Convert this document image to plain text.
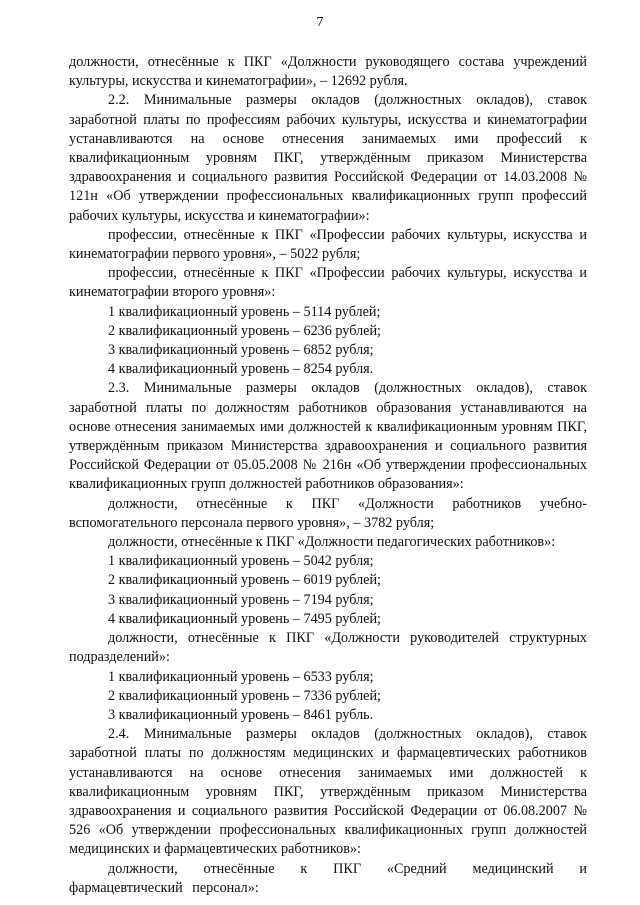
7

должности, отнесённые к ПКГ «Должности руководящего состава учреждений культуры, искусства и кинематографии», – 12692 рубля.

2.2. Минимальные размеры окладов (должностных окладов), ставок заработной платы по профессиям рабочих культуры, искусства и кинематографии устанавливаются на основе отнесения занимаемых ими профессий к квалификационным уровням ПКГ, утверждённым приказом Министерства здравоохранения и социального развития Российской Федерации от 14.03.2008 № 121н «Об утверждении профессиональных квалификационных групп профессий рабочих культуры, искусства и кинематографии»:

профессии, отнесённые к ПКГ «Профессии рабочих культуры, искусства и кинематографии первого уровня», – 5022 рубля;

профессии, отнесённые к ПКГ «Профессии рабочих культуры, искусства и кинематографии второго уровня»:

1 квалификационный уровень – 5114 рублей;

2 квалификационный уровень – 6236 рублей;

3 квалификационный уровень – 6852 рубля;

4 квалификационный уровень – 8254 рубля.

2.3. Минимальные размеры окладов (должностных окладов), ставок заработной платы по должностям работников образования устанавливаются на основе отнесения занимаемых ими должностей к квалификационным уровням ПКГ, утверждённым приказом Министерства здравоохранения и социального развития Российской Федерации от 05.05.2008 № 216н «Об утверждении профессиональных квалификационных групп должностей работников образования»:

должности, отнесённые к ПКГ «Должности работников учебно-вспомогательного персонала первого уровня», – 3782 рубля;

должности, отнесённые к ПКГ «Должности педагогических работников»:

1 квалификационный уровень – 5042 рубля;

2 квалификационный уровень – 6019 рублей;

3 квалификационный уровень – 7194 рубля;

4 квалификационный уровень – 7495 рублей;

должности, отнесённые к ПКГ «Должности руководителей структурных подразделений»:

1 квалификационный уровень – 6533 рубля;

2 квалификационный уровень – 7336 рублей;

3 квалификационный уровень – 8461 рубль.

2.4. Минимальные размеры окладов (должностных окладов), ставок заработной платы по должностям медицинских и фармацевтических работников устанавливаются на основе отнесения занимаемых ими должностей к квалификационным уровням ПКГ, утверждённым приказом Министерства здравоохранения и социального развития Российской Федерации от 06.08.2007 № 526 «Об утверждении профессиональных квалификационных групп должностей медицинских и фармацевтических работников»:

должности, отнесённые к ПКГ «Средний медицинский и фармацевтический персонал»:
